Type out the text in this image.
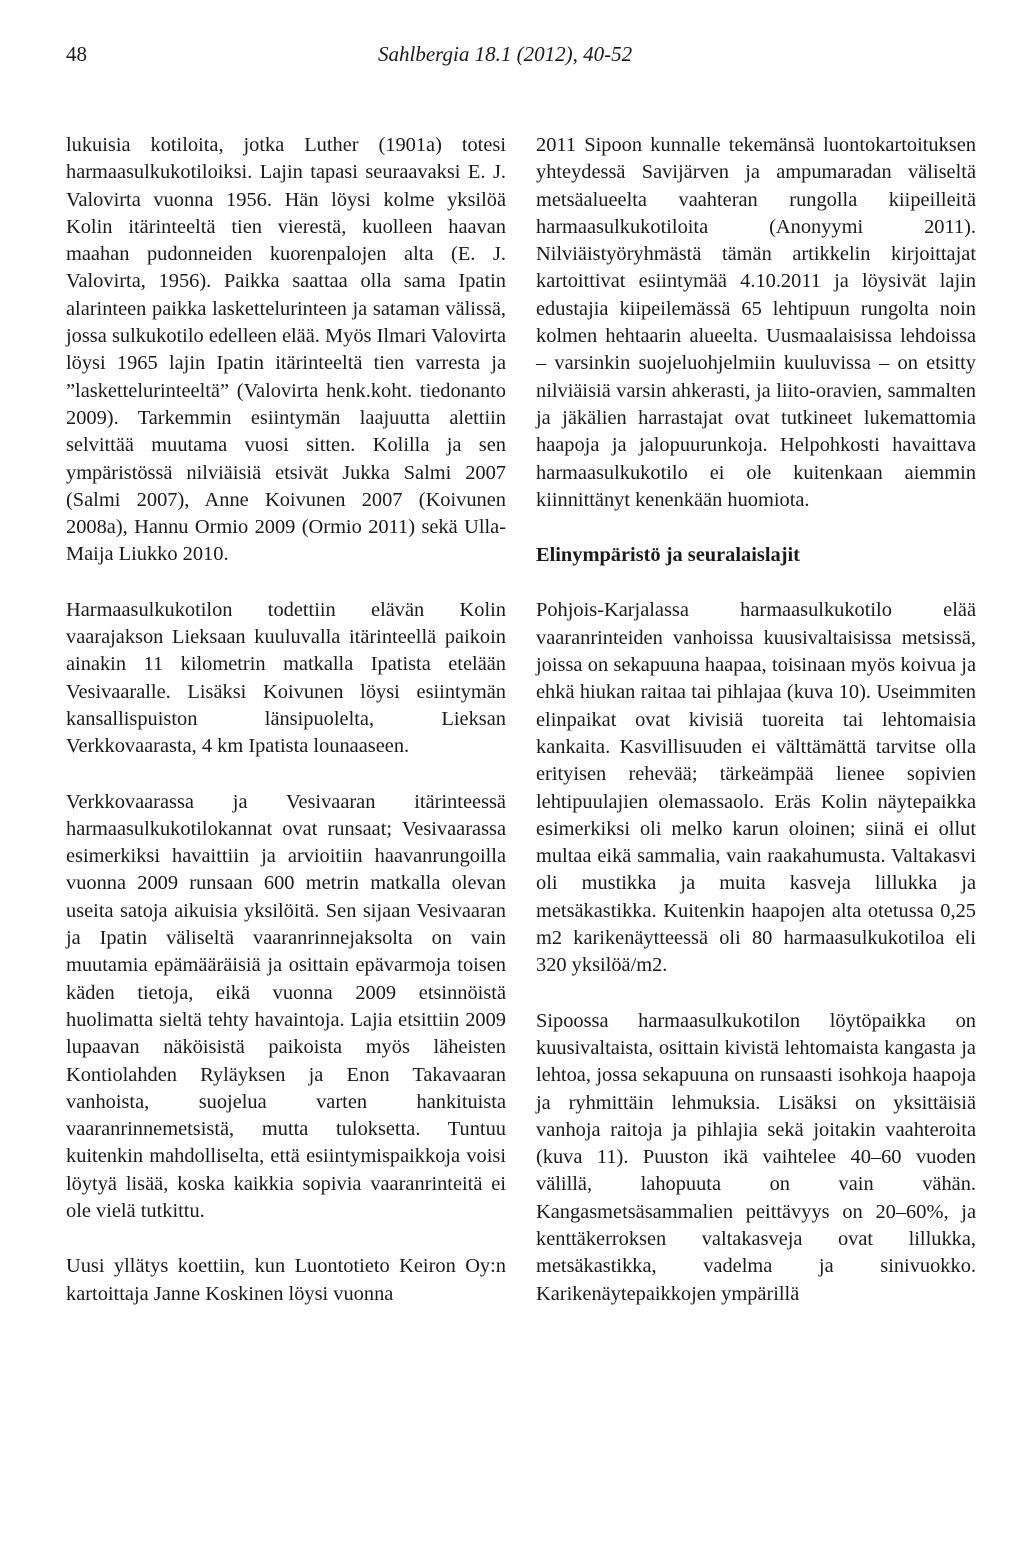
48	Sahlbergia 18.1 (2012), 40-52

lukuisia kotiloita, jotka Luther (1901a) totesi harmaasulkukotiloiksi. Lajin tapasi seuraavaksi E. J. Valovirta vuonna 1956. Hän löysi kolme yksilöä Kolin itärinteeltä tien vierestä, kuolleen haavan maahan pudonneiden kuorenpalojen alta (E. J. Valovirta, 1956). Paikka saattaa olla sama Ipatin alarinteen paikka laskettelurinteen ja sataman välissä, jossa sulkukotilo edelleen elää. Myös Ilmari Valovirta löysi 1965 lajin Ipatin itärinteeltä tien varresta ja ”laskettelurinteeltä” (Valovirta henk.koht. tiedonanto 2009). Tarkemmin esiintymän laajuutta alettiin selvittää muutama vuosi sitten. Kolilla ja sen ympäristössä nilviäisiä etsivät Jukka Salmi 2007 (Salmi 2007), Anne Koivunen 2007 (Koivunen 2008a), Hannu Ormio 2009 (Ormio 2011) sekä Ulla-Maija Liukko 2010.

Harmaasulkukotilon todettiin elävän Kolin vaarajakson Lieksaan kuuluvalla itärinteellä paikoin ainakin 11 kilometrin matkalla Ipatista etelään Vesivaaralle. Lisäksi Koivunen löysi esiintymän kansallispuiston länsipuolelta, Lieksan Verkkovaarasta, 4 km Ipatista lounaaseen.

Verkkovaarassa ja Vesivaaran itärinteessä harmaasulkukotilokannat ovat runsaat; Vesivaarassa esimerkiksi havaittiin ja arvioitiin haavanrungoilla vuonna 2009 runsaan 600 metrin matkalla olevan useita satoja aikuisia yksilöitä. Sen sijaan Vesivaaran ja Ipatin väliseltä vaaranrinnejaksolta on vain muutamia epämääräisiä ja osittain epävarmoja toisen käden tietoja, eikä vuonna 2009 etsinnöistä huolimatta sieltä tehty havaintoja. Lajia etsittiin 2009 lupaavan näköisistä paikoista myös läheisten Kontiolahden Ryläyksen ja Enon Takavaaran vanhoista, suojelua varten hankituista vaaranrinnemetsistä, mutta tuloksetta. Tuntuu kuitenkin mahdolliselta, että esiintymispaikkoja voisi löytyä lisää, koska kaikkia sopivia vaaranrinteitä ei ole vielä tutkittu.

Uusi yllätys koettiin, kun Luontotieto Keiron Oy:n kartoittaja Janne Koskinen löysi vuonna

2011 Sipoon kunnalle tekemänsä luontokartoituksen yhteydessä Savijärven ja ampumaradan väliseltä metsäalueelta vaahteran rungolla kiipeilleitä harmaasulkukotiloita (Anonyymi 2011). Nilviäistyöryhmästä tämän artikkelin kirjoittajat kartoittivat esiintymää 4.10.2011 ja löysivät lajin edustajia kiipeilemässä 65 lehtipuun rungolta noin kolmen hehtaarin alueelta. Uusmaalaisissa lehdoissa – varsinkin suojeluohjelmiin kuuluvissa – on etsitty nilviäisiä varsin ahkerasti, ja liito-oravien, sammalten ja jäkälien harrastajat ovat tutkineet lukemattomia haapoja ja jalopuurunkoja. Helpohkosti havaittava harmaasulkukotilo ei ole kuitenkaan aiemmin kiinnittänyt kenenkään huomiota.

Elinympäristö ja seuralaislajit

Pohjois-Karjalassa harmaasulkukotilo elää vaaranrinteiden vanhoissa kuusivaltaisissa metsissä, joissa on sekapuuna haapaa, toisinaan myös koivua ja ehkä hiukan raitaa tai pihlajaa (kuva 10). Useimmiten elinpaikat ovat kivisiä tuoreita tai lehtomaisia kankaita. Kasvillisuuden ei välttämättä tarvitse olla erityisen rehevää; tärkeämpää lienee sopivien lehtipuulajien olemassaolo. Eräs Kolin näytepaikka esimerkiksi oli melko karun oloinen; siinä ei ollut multaa eikä sammalia, vain raakahumusta. Valtakasvi oli mustikka ja muita kasveja lillukka ja metsäkastikka. Kuitenkin haapojen alta otetussa 0,25 m2 karikenäytteessä oli 80 harmaasulkukotiloa eli 320 yksilöä/m2.

Sipoossa harmaasulkukotilon löytöpaikka on kuusivaltaista, osittain kivistä lehtomaista kangasta ja lehtoa, jossa sekapuuna on runsaasti isohkoja haapoja ja ryhmittäin lehmuksia. Lisäksi on yksittäisiä vanhoja raitoja ja pihlajia sekä joitakin vaahteroita (kuva 11). Puuston ikä vaihtelee 40–60 vuoden välillä, lahopuuta on vain vähän. Kangasmetsäsammalien peittävyys on 20–60%, ja kenttäkerroksen valtakasveja ovat lillukka, metsäkastikka, vadelma ja sinivuokko. Karikenäytepaikkojen ympärillä
